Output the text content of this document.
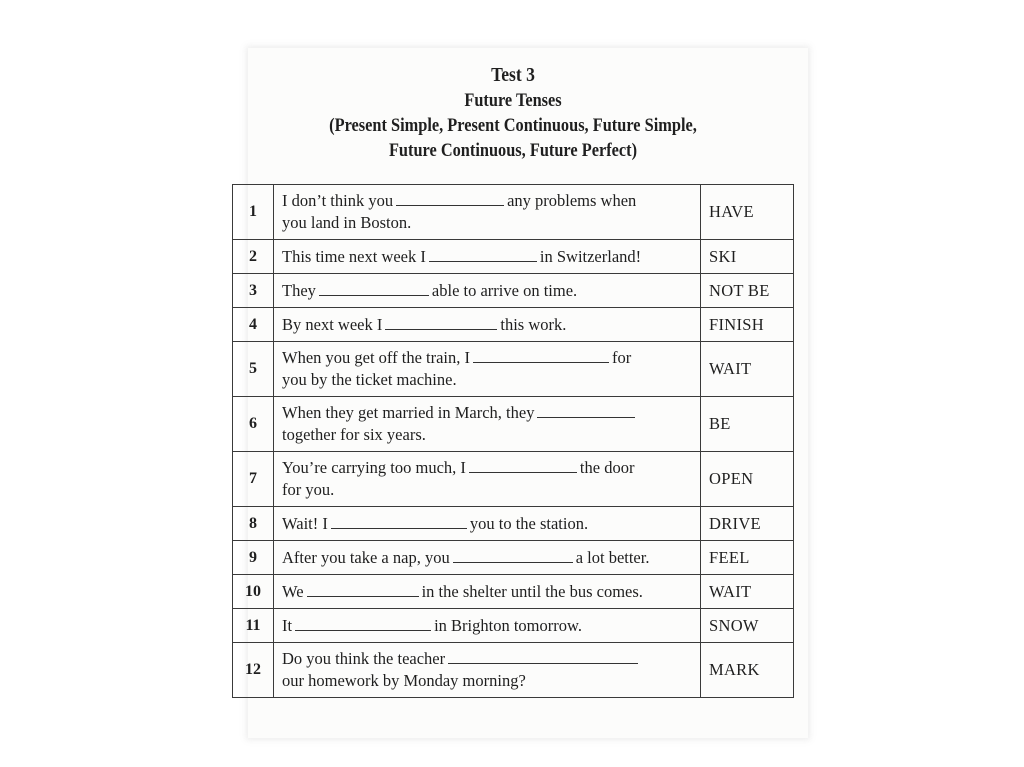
Test 3
Future Tenses
(Present Simple, Present Continuous, Future Simple,
Future Continuous, Future Perfect)
1	I don’t think you any problems when
you land in Boston.	HAVE
2	This time next week I in Switzerland!	SKI
3	They able to arrive on time.	NOT BE
4	By next week I this work.	FINISH
5	When you get off the train, I for
you by the ticket machine.	WAIT
6	When they get married in March, they
together for six years.	BE
7	You’re carrying too much, I the door
for you.	OPEN
8	Wait! I you to the station.	DRIVE
9	After you take a nap, you a lot better.	FEEL
10	We in the shelter until the bus comes.	WAIT
11	It in Brighton tomorrow.	SNOW
12	Do you think the teacher
our homework by Monday morning?	MARK
